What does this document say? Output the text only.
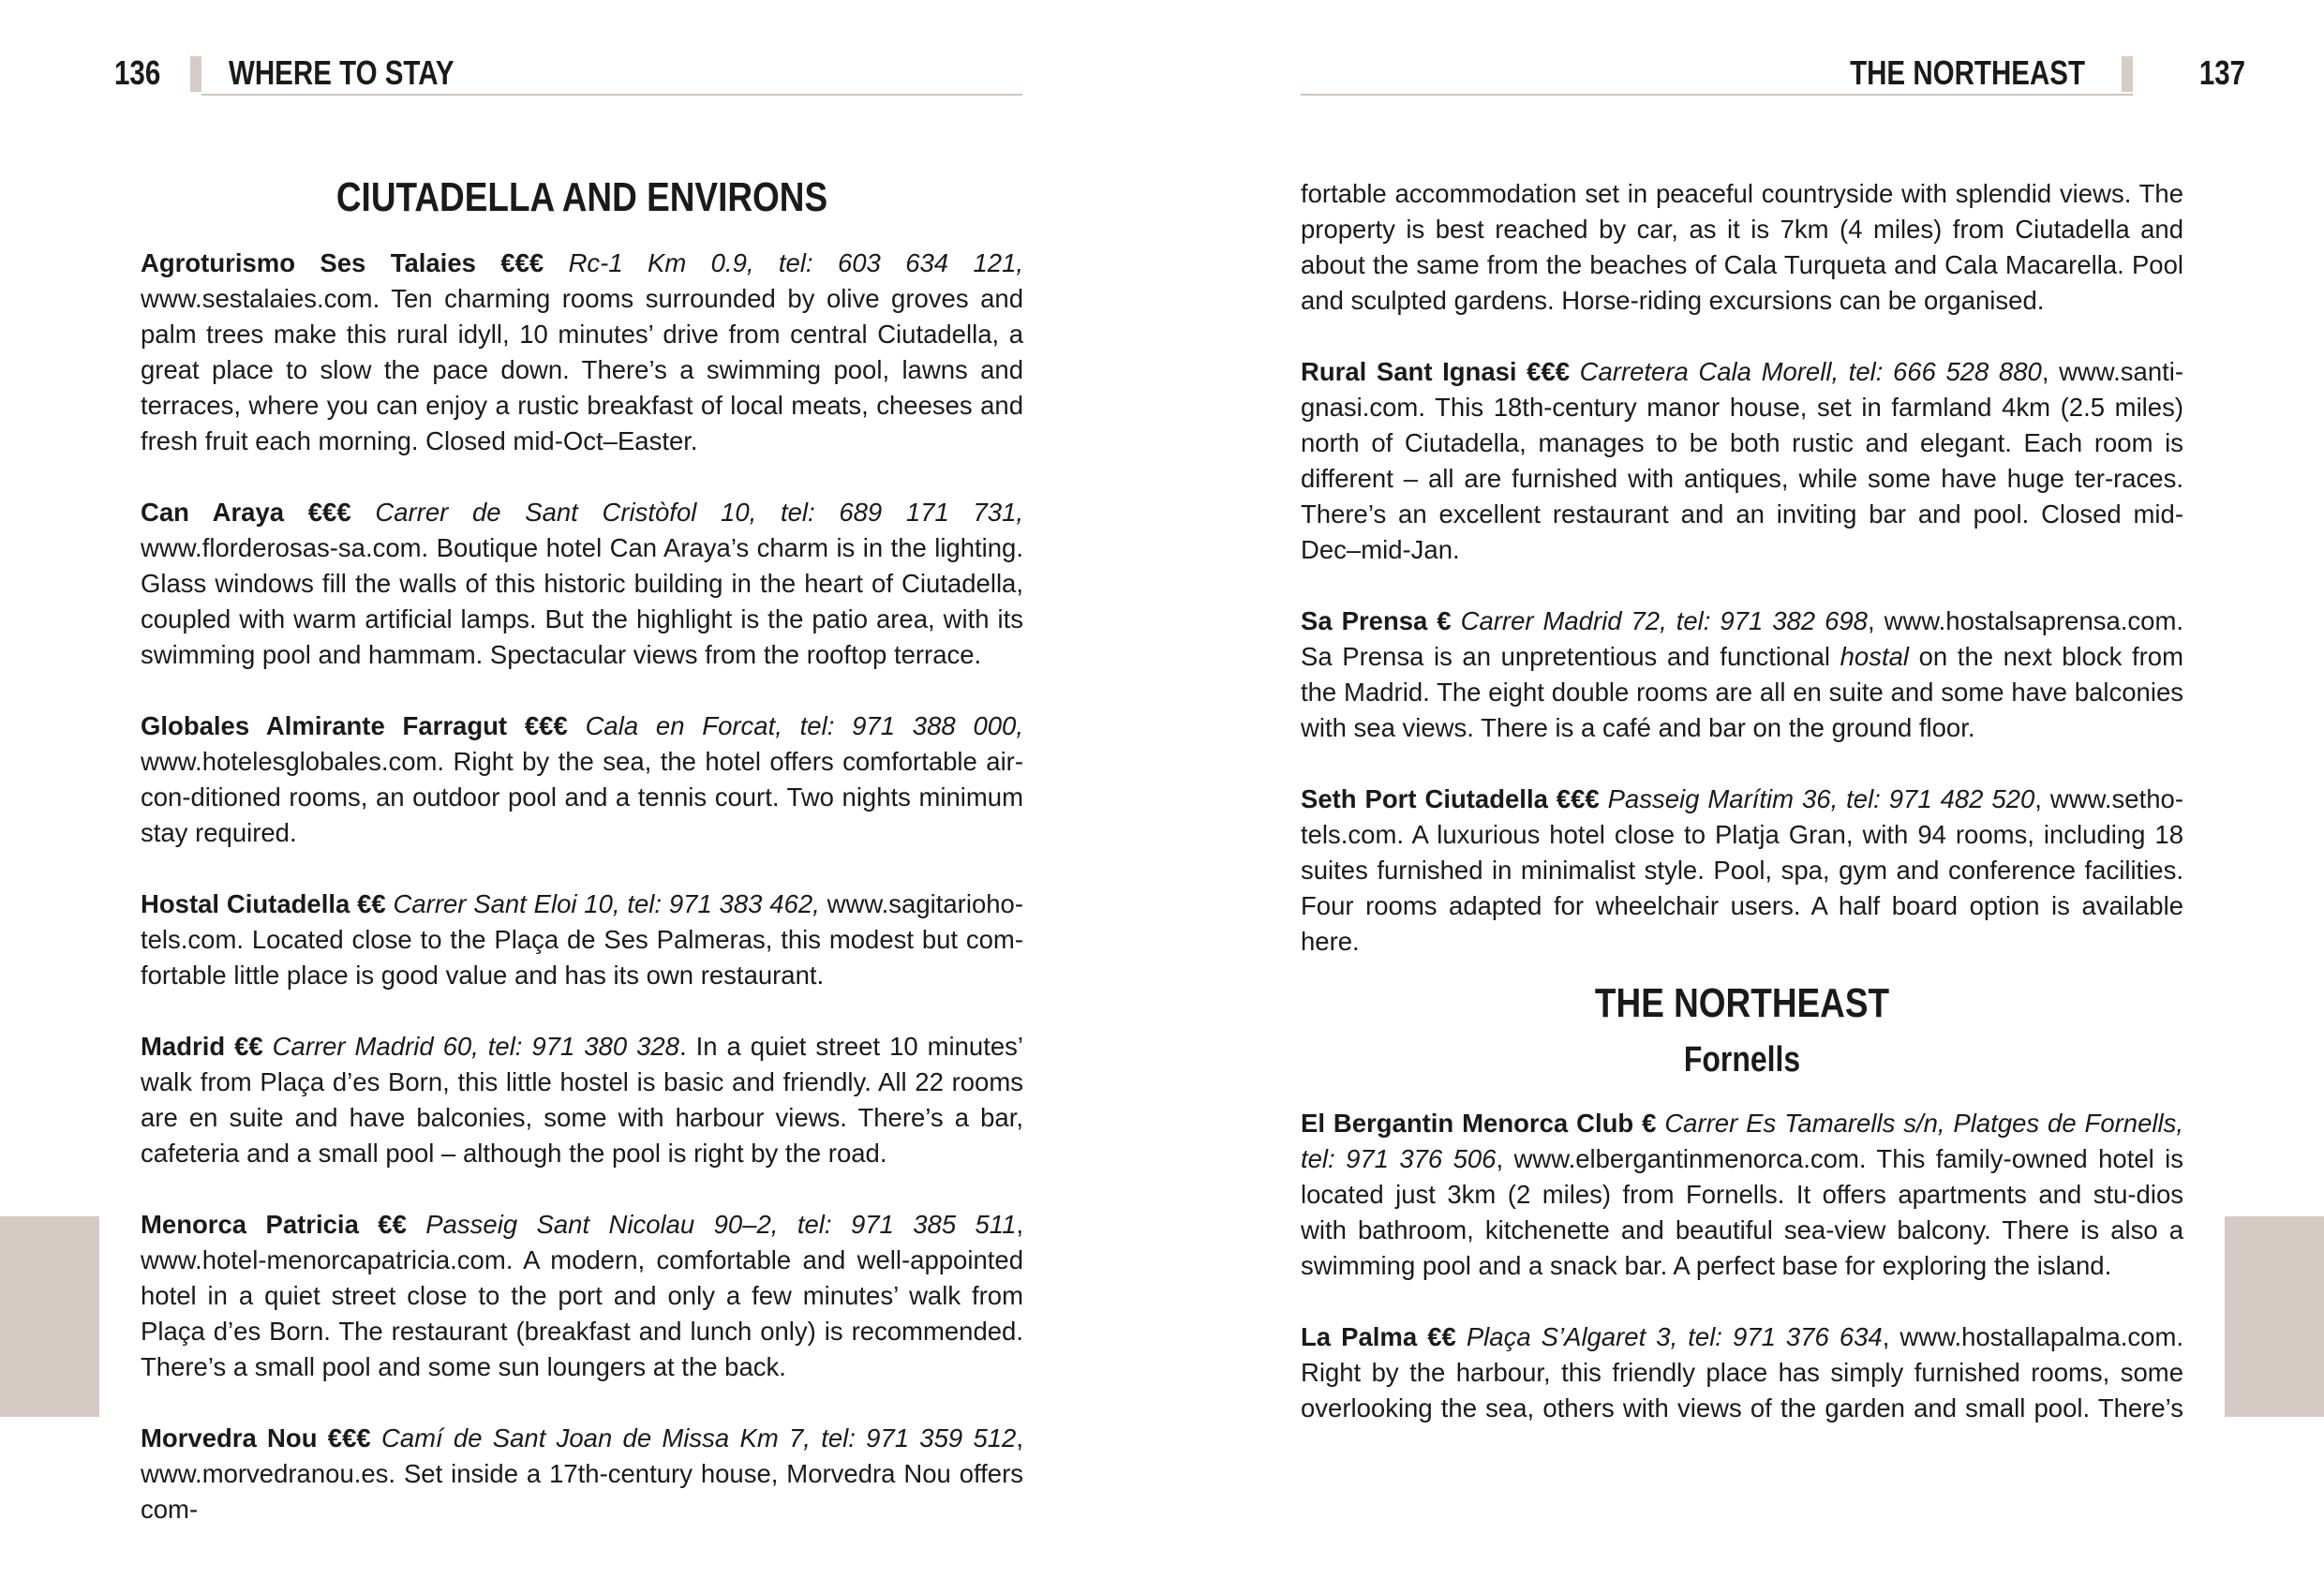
136 WHERE TO STAY
CIUTADELLA AND ENVIRONS

Agroturismo Ses Talaies €€€ Rc-1 Km 0.9, tel: 603 634 121, www.sestalaies.com. Ten charming rooms surrounded by olive groves and palm trees make this rural idyll, 10 minutes’ drive from central Ciutadella, a great place to slow the pace down. There’s a swimming pool, lawns and terraces, where you can enjoy a rustic breakfast of local meats, cheeses and fresh fruit each morning. Closed mid-Oct–Easter.

Can Araya €€€ Carrer de Sant Cristòfol 10, tel: 689 171 731, www.florderosas-sa.com. Boutique hotel Can Araya’s charm is in the lighting. Glass windows fill the walls of this historic building in the heart of Ciutadella, coupled with warm artificial lamps. But the highlight is the patio area, with its swimming pool and hammam. Spectacular views from the rooftop terrace.

Globales Almirante Farragut €€€ Cala en Forcat, tel: 971 388 000, www.hotelesglobales.com. Right by the sea, the hotel offers comfortable air-con-ditioned rooms, an outdoor pool and a tennis court. Two nights minimum stay required.

Hostal Ciutadella €€ Carrer Sant Eloi 10, tel: 971 383 462, www.sagitarioho-tels.com. Located close to the Plaça de Ses Palmeras, this modest but com-fortable little place is good value and has its own restaurant.

Madrid €€ Carrer Madrid 60, tel: 971 380 328. In a quiet street 10 minutes’ walk from Plaça d’es Born, this little hostel is basic and friendly. All 22 rooms are en suite and have balconies, some with harbour views. There’s a bar, cafeteria and a small pool – although the pool is right by the road.

Menorca Patricia €€ Passeig Sant Nicolau 90–2, tel: 971 385 511, www.hotel-menorcapatricia.com. A modern, comfortable and well-appointed hotel in a quiet street close to the port and only a few minutes’ walk from Plaça d’es Born. The restaurant (breakfast and lunch only) is recommended. There’s a small pool and some sun loungers at the back.

Morvedra Nou €€€ Camí de Sant Joan de Missa Km 7, tel: 971 359 512, www.morvedranou.es. Set inside a 17th-century house, Morvedra Nou offers com-

THE NORTHEAST	137

fortable accommodation set in peaceful countryside with splendid views. The property is best reached by car, as it is 7km (4 miles) from Ciutadella and about the same from the beaches of Cala Turqueta and Cala Macarella. Pool and sculpted gardens. Horse-riding excursions can be organised.

Rural Sant Ignasi €€€ Carretera Cala Morell, tel: 666 528 880, www.santi-gnasi.com. This 18th-century manor house, set in farmland 4km (2.5 miles) north of Ciutadella, manages to be both rustic and elegant. Each room is different – all are furnished with antiques, while some have huge ter-races. There’s an excellent restaurant and an inviting bar and pool. Closed mid-Dec–mid-Jan.

Sa Prensa € Carrer Madrid 72, tel: 971 382 698, www.hostalsaprensa.com. Sa Prensa is an unpretentious and functional hostal on the next block from the Madrid. The eight double rooms are all en suite and some have balconies with sea views. There is a café and bar on the ground floor.

Seth Port Ciutadella €€€ Passeig Marítim 36, tel: 971 482 520, www.setho-tels.com. A luxurious hotel close to Platja Gran, with 94 rooms, including 18 suites furnished in minimalist style. Pool, spa, gym and conference facilities. Four rooms adapted for wheelchair users. A half board option is available here.

THE NORTHEAST
Fornells

El Bergantin Menorca Club € Carrer Es Tamarells s/n, Platges de Fornells, tel: 971 376 506, www.elbergantinmenorca.com. This family-owned hotel is located just 3km (2 miles) from Fornells. It offers apartments and stu-dios with bathroom, kitchenette and beautiful sea-view balcony. There is also a swimming pool and a snack bar. A perfect base for exploring the island.

La Palma €€ Plaça S’Algaret 3, tel: 971 376 634, www.hostallapalma.com. Right by the harbour, this friendly place has simply furnished rooms, some overlooking the sea, others with views of the garden and small pool. There’s
